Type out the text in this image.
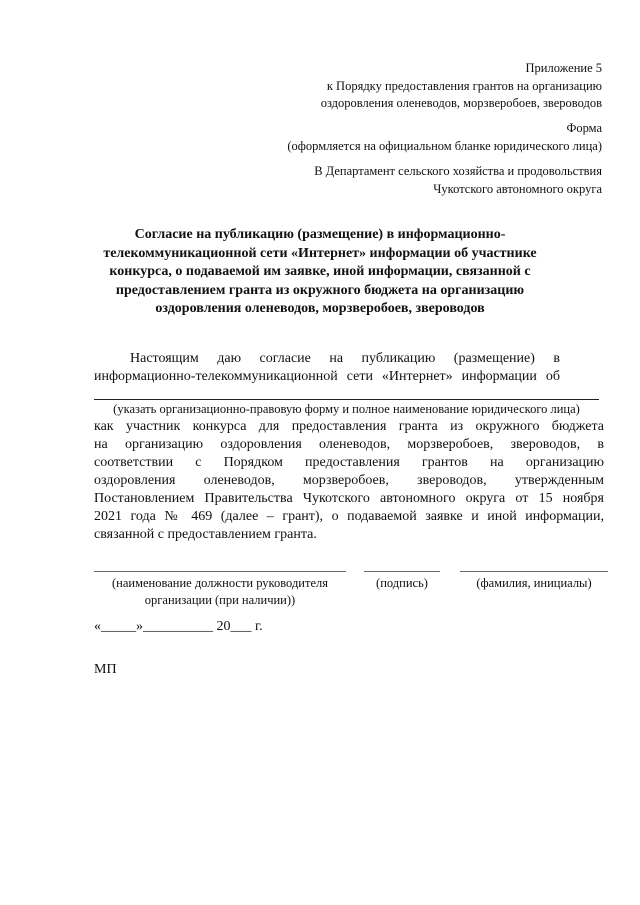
Приложение 5
к Порядку предоставления грантов на организацию
оздоровления оленеводов, морзверобоев, звероводов
Форма
(оформляется на официальном бланке юридического лица)
В Департамент сельского хозяйства и продовольствия
Чукотского автономного округа
Согласие на публикацию (размещение) в информационно-
телекоммуникационной сети «Интернет» информации об участнике
конкурса, о подаваемой им заявке, иной информации, связанной с
предоставлением гранта из окружного бюджета на организацию
оздоровления оленеводов, морзверобоев, звероводов
Настоящим даю согласие на публикацию (размещение) в
информационно-телекоммуникационной сети «Интернет» информации об
(указать организационно-правовую форму и полное наименование юридического лица)
как участник конкурса для предоставления гранта из окружного бюджета
на организацию оздоровления оленеводов, морзверобоев, звероводов, в
соответствии с Порядком предоставления грантов на организацию
оздоровления оленеводов, морзверобоев, звероводов, утвержденным
Постановлением Правительства Чукотского автономного округа от 15 ноября
2021 года № 469 (далее – грант), о подаваемой заявке и иной информации,
связанной с предоставлением гранта.
(наименование должности руководителя
организации (при наличии))
(подпись)	(фамилия, инициалы)
«_____»__________ 20___ г.
МП
